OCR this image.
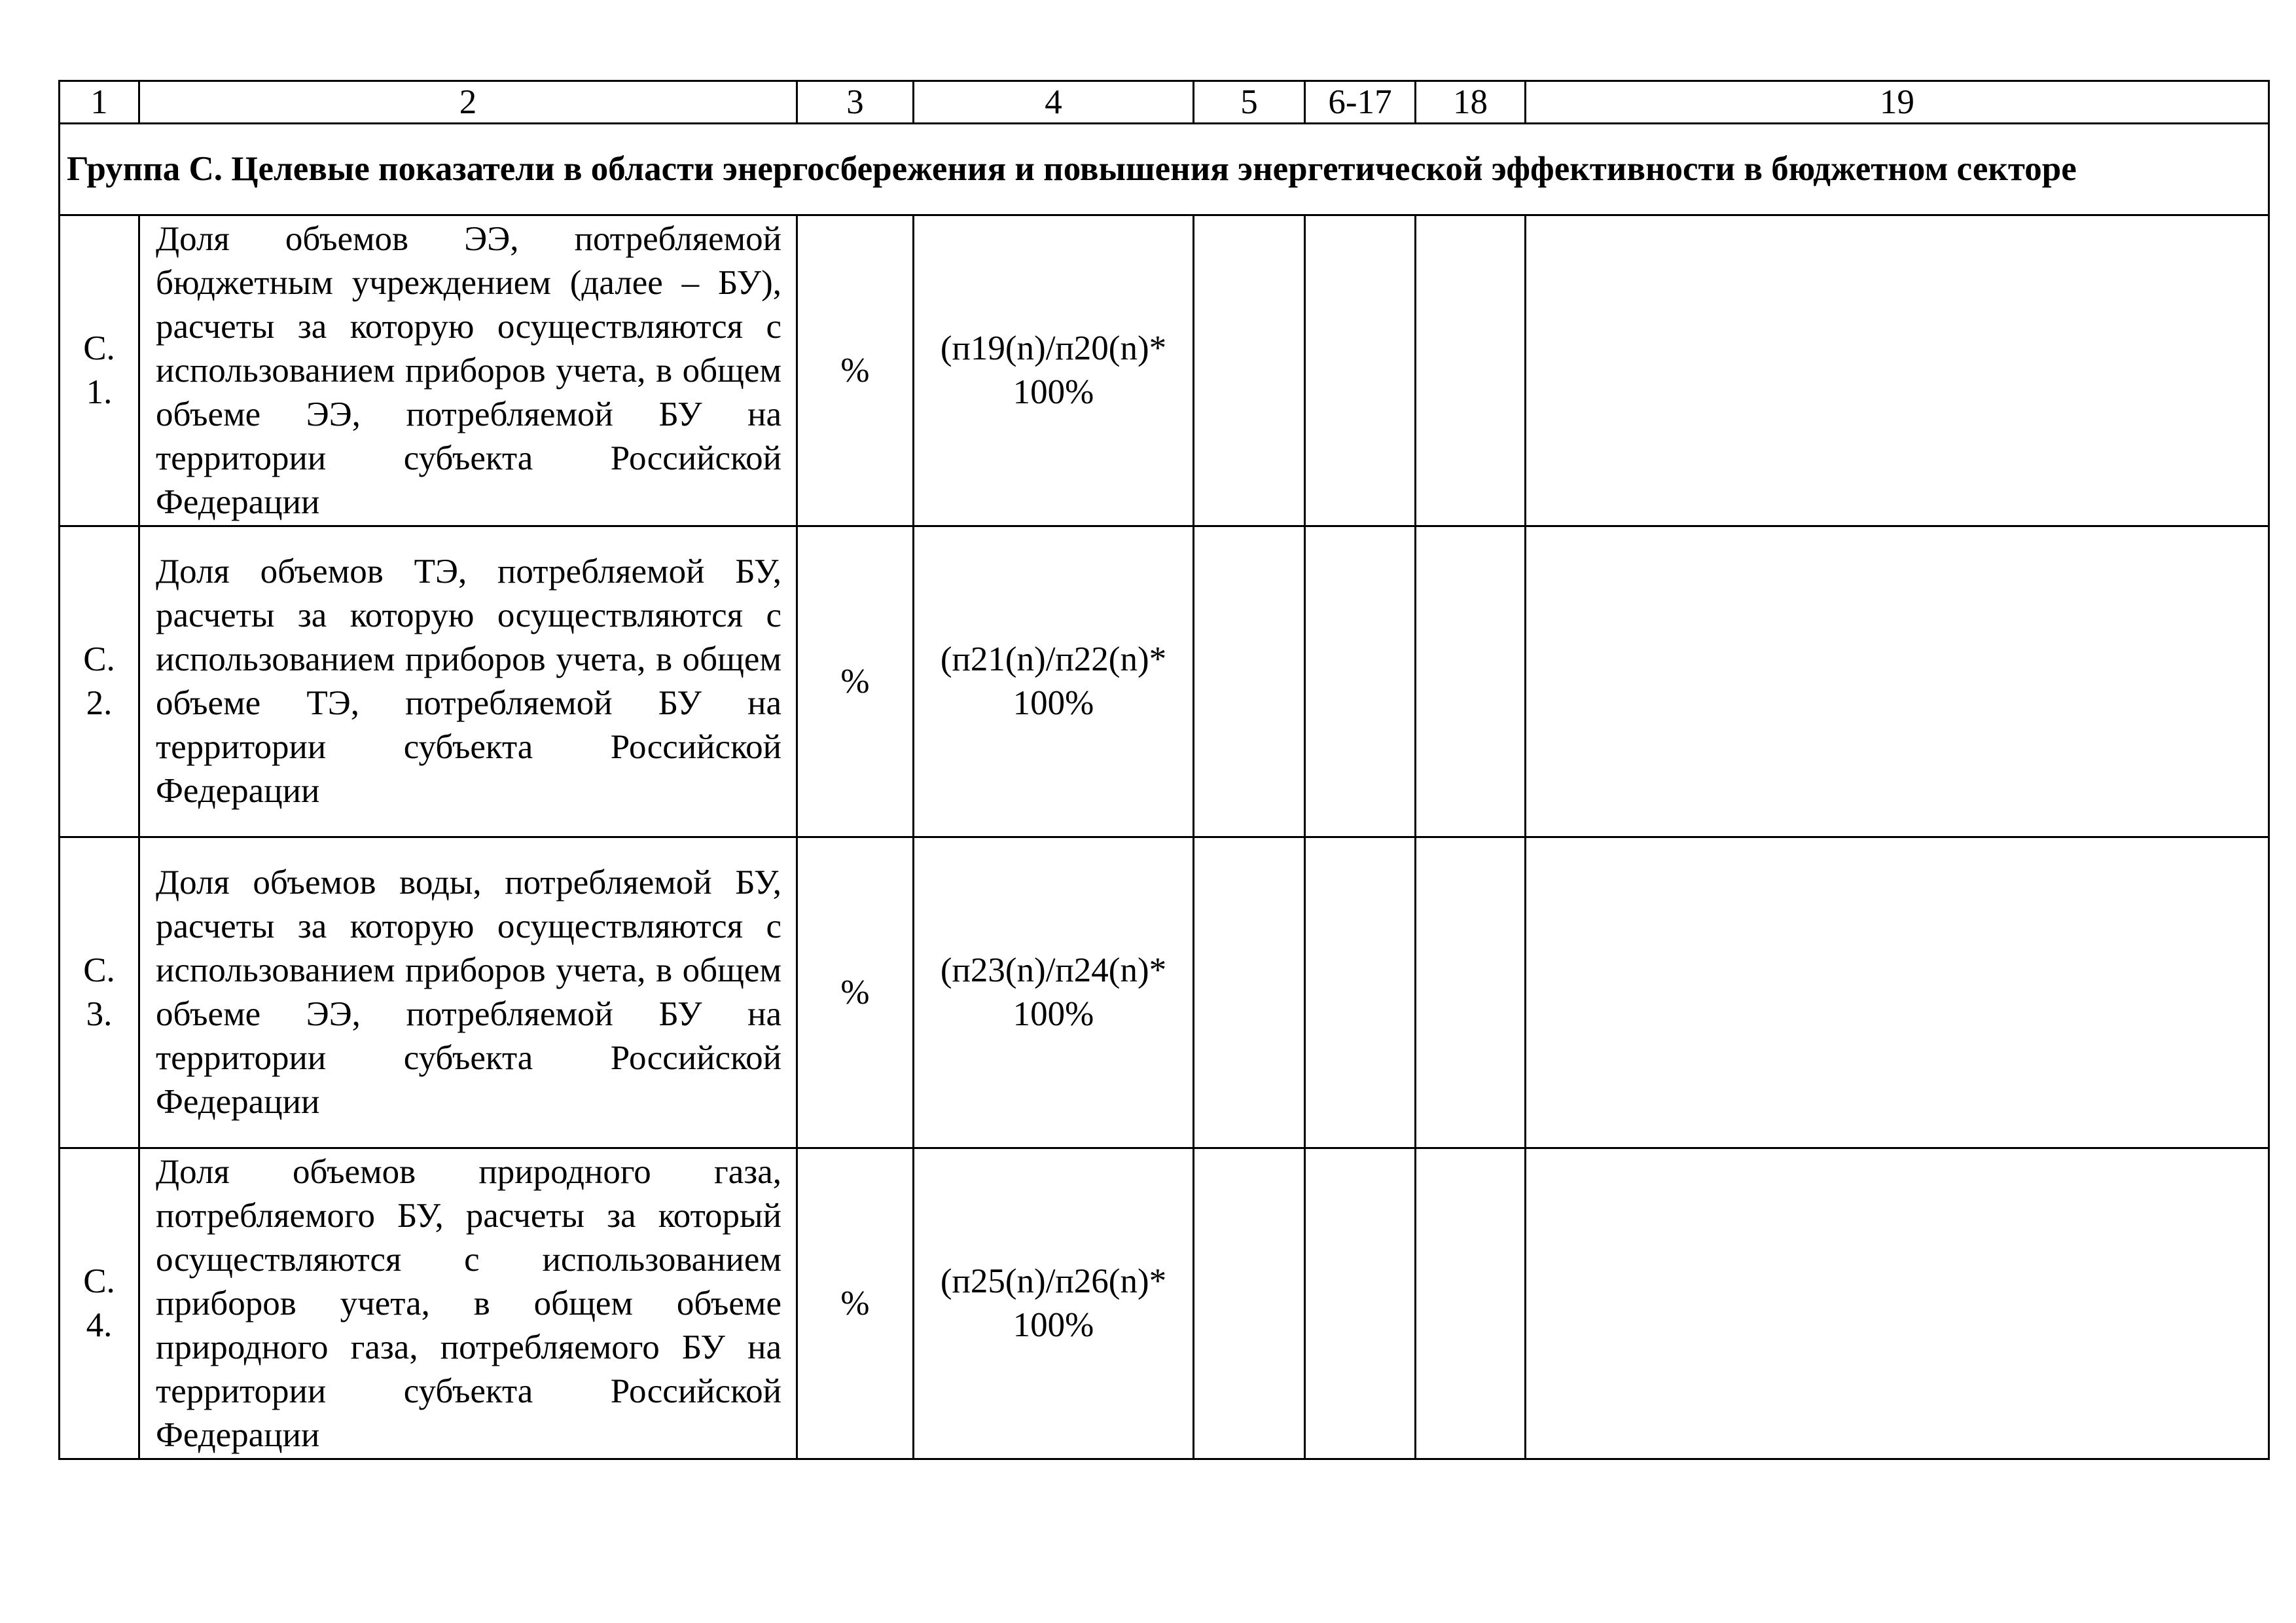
1	2	3	4	5	6-17	18	19
Группа С. Целевые показатели в области энергосбережения и повышения энергетической эффективности в бюджетном секторе							

С.
1.	Доля объемов ЭЭ, потребляемой бюджетным учреждением (далее – БУ), расчеты за которую осуществляются с использованием приборов учета, в общем объеме ЭЭ, потребляемой БУ на территории субъекта Российской Федерации	%	(п19(n)/п20(n)*
100%				

С.
2.	Доля объемов ТЭ, потребляемой БУ, расчеты за которую осуществляются с использованием приборов учета, в общем объеме ТЭ, потребляемой БУ на территории субъекта Российской Федерации	%	(п21(n)/п22(n)*
100%				

С.
3.	Доля объемов воды, потребляемой БУ, расчеты за которую осуществляются с использованием приборов учета, в общем объеме ЭЭ, потребляемой БУ на территории субъекта Российской Федерации	%	(п23(n)/п24(n)*
100%				

С.
4.	Доля объемов природного газа, потребляемого БУ, расчеты за который осуществляются с использованием приборов учета, в общем объеме природного газа, потребляемого БУ на территории субъекта Российской Федерации	%	(п25(n)/п26(n)*
100%				
